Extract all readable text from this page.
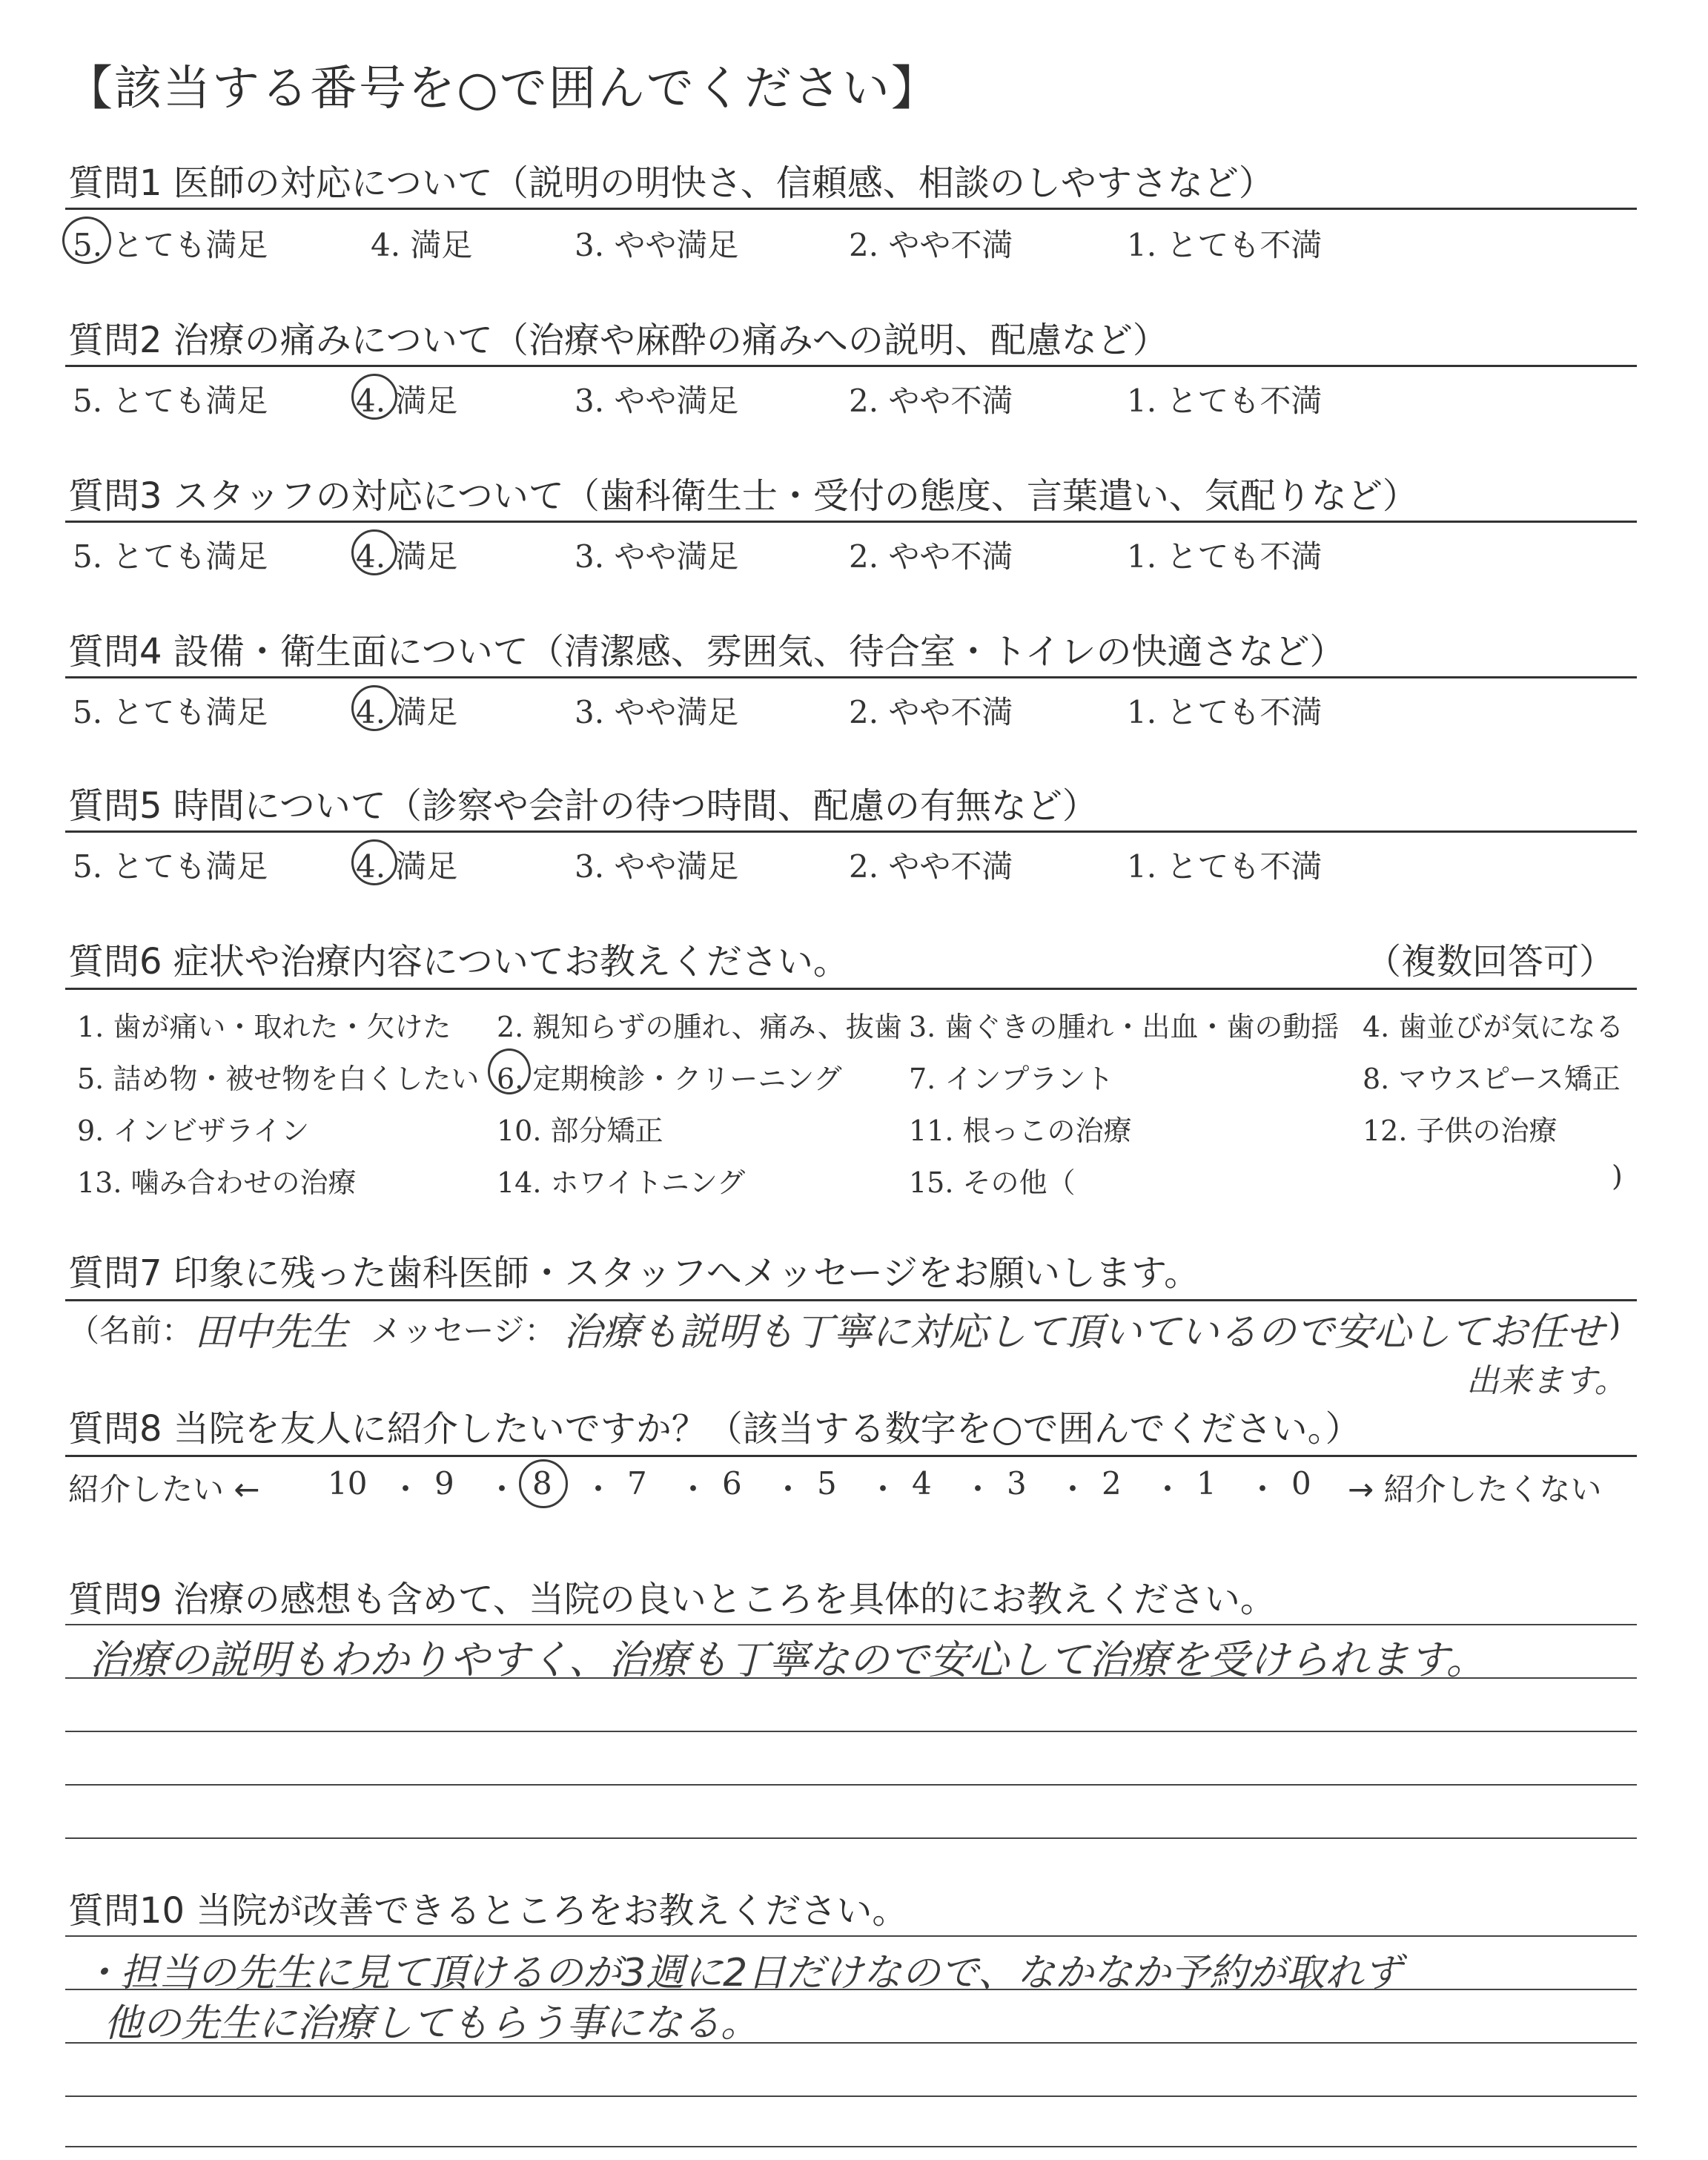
【該当する番号を○で囲んでください】
質問1 医師の対応について（説明の明快さ、信頼感、相談のしやすさなど）
5. とても満足	4. 満足	3. やや満足	2. やや不満	1. とても不満
質問2 治療の痛みについて（治療や麻酔の痛みへの説明、配慮など）
5. とても満足	4. 満足	3. やや満足	2. やや不満	1. とても不満
質問3 スタッフの対応について（歯科衛生士・受付の態度、言葉遣い、気配りなど）
5. とても満足	4. 満足	3. やや満足	2. やや不満	1. とても不満
質問4 設備・衛生面について（清潔感、雰囲気、待合室・トイレの快適さなど）
5. とても満足	4. 満足	3. やや満足	2. やや不満	1. とても不満
質問5 時間について（診察や会計の待つ時間、配慮の有無など）
5. とても満足	4. 満足	3. やや満足	2. やや不満	1. とても不満
質問6 症状や治療内容についてお教えください。	（複数回答可）
1. 歯が痛い・取れた・欠けた 2. 親知らずの腫れ、痛み、抜歯 3. 歯ぐきの腫れ・出血・歯の動揺 4. 歯並びが気になる
5. 詰め物・被せ物を白くしたい 6. 定期検診・クリーニング 7. インプラント	8. マウスピース矯正
9. インビザライン	10. 部分矯正	11. 根っこの治療	12. 子供の治療
13. 噛み合わせの治療	14. ホワイトニング	15. その他（	)
質問7 印象に残った歯科医師・スタッフへメッセージをお願いします。
（名前： 田中先生 メッセージ： 治療も説明も丁寧に対応して頂いているので安心してお任せ )
出来ます。
質問8 当院を友人に紹介したいですか？（該当する数字を○で囲んでください。）
紹介したい ← 10 9	8 7 6 5 4 3 2 1 0
・ ・ ・ ・ ・ ・ ・ ・ ・ ・ → 紹介したくない
質問9 治療の感想も含めて、当院の良いところを具体的にお教えください。
治療の説明もわかりやすく、治療も丁寧なので安心して治療を受けられます。
質問10 当院が改善できるところをお教えください。
・担当の先生に見て頂けるのが3週に2日だけなので、なかなか予約が取れず
他の先生に治療してもらう事になる。
